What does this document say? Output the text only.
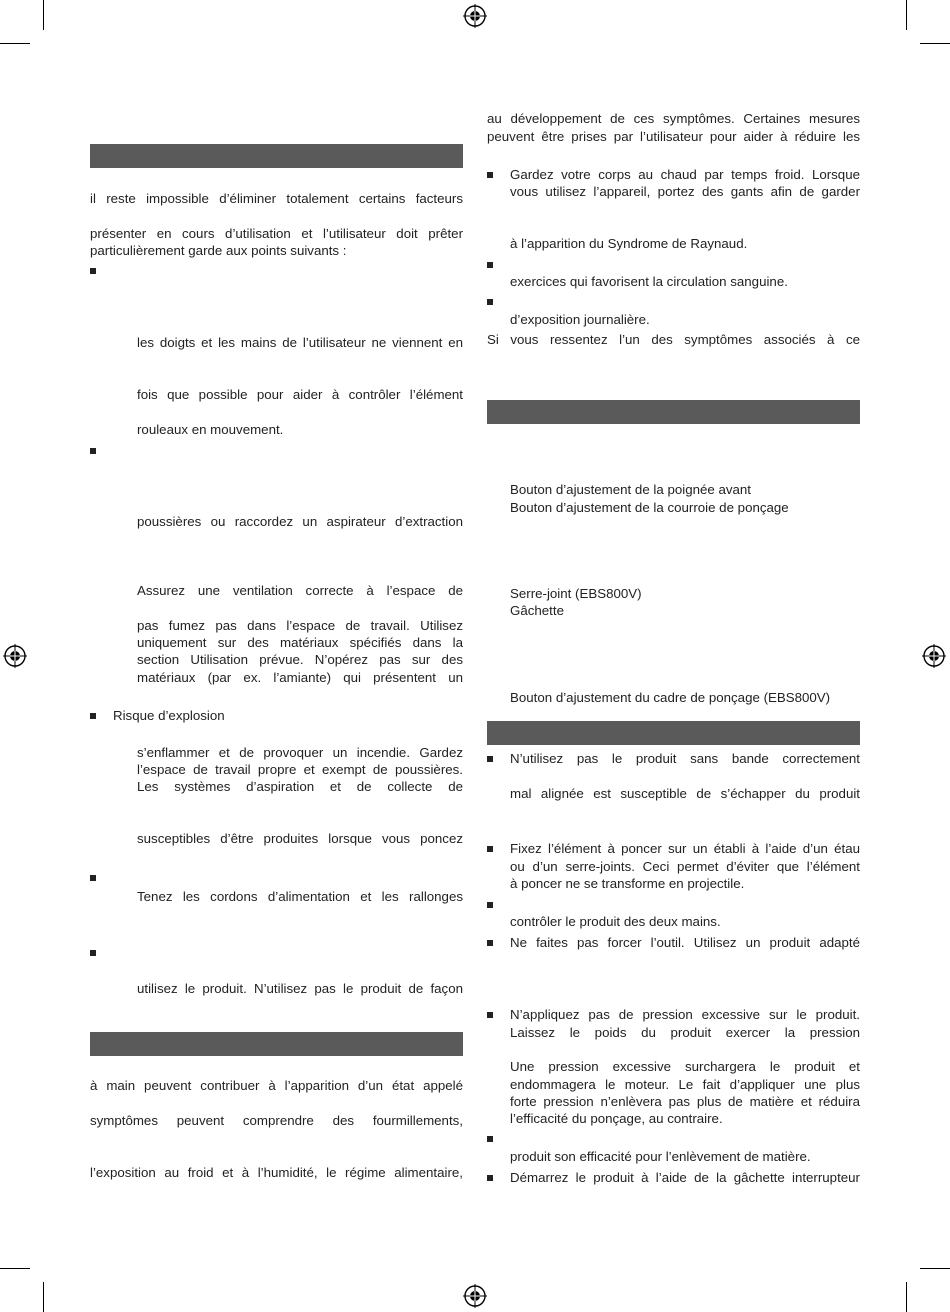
il reste impossible d’éliminer totalement certains facteurs
présenter en cours d’utilisation et l’utilisateur doit prêter
particulièrement garde aux points suivants :
les doigts et les mains de l’utilisateur ne viennent en
fois que possible pour aider à contrôler l’élément
rouleaux en mouvement.
poussières ou raccordez un aspirateur d’extraction
Assurez une ventilation correcte à l’espace de
pas fumez pas dans l’espace de travail. Utilisez
uniquement sur des matériaux spécifiés dans la
section Utilisation prévue. N’opérez pas sur des
matériaux (par ex. l’amiante) qui présentent un
Risque d’explosion
s’enflammer et de provoquer un incendie. Gardez
l’espace de travail propre et exempt de poussières.
Les systèmes d’aspiration et de collecte de
susceptibles d’être produites lorsque vous poncez
Tenez les cordons d’alimentation et les rallonges
utilisez le produit. N’utilisez pas le produit de façon
à main peuvent contribuer à l’apparition d’un état appelé
symptômes peuvent comprendre des fourmillements,
l’exposition au froid et à l’humidité, le régime alimentaire,
au développement de ces symptômes. Certaines mesures
peuvent être prises par l’utilisateur pour aider à réduire les
Gardez votre corps au chaud par temps froid. Lorsque
vous utilisez l’appareil, portez des gants afin de garder
à l’apparition du Syndrome de Raynaud.
exercices qui favorisent la circulation sanguine.
d’exposition journalière.
Si vous ressentez l’un des symptômes associés à ce
Bouton d’ajustement de la poignée avant
Bouton d’ajustement de la courroie de ponçage
Serre-joint (EBS800V)
Gâchette
Bouton d’ajustement du cadre de ponçage (EBS800V)
N’utilisez pas le produit sans bande correctement
mal alignée est susceptible de s’échapper du produit
Fixez l’élément à poncer sur un établi à l’aide d’un étau
ou d’un serre-joints. Ceci permet d’éviter que l’élément
à poncer ne se transforme en projectile.
contrôler le produit des deux mains.
Ne faites pas forcer l’outil. Utilisez un produit adapté
N’appliquez pas de pression excessive sur le produit.
Laissez le poids du produit exercer la pression
Une pression excessive surchargera le produit et
endommagera le moteur. Le fait d’appliquer une plus
forte pression n’enlèvera pas plus de matière et réduira
l’efficacité du ponçage, au contraire.
produit son efficacité pour l’enlèvement de matière.
Démarrez le produit à l’aide de la gâchette interrupteur
